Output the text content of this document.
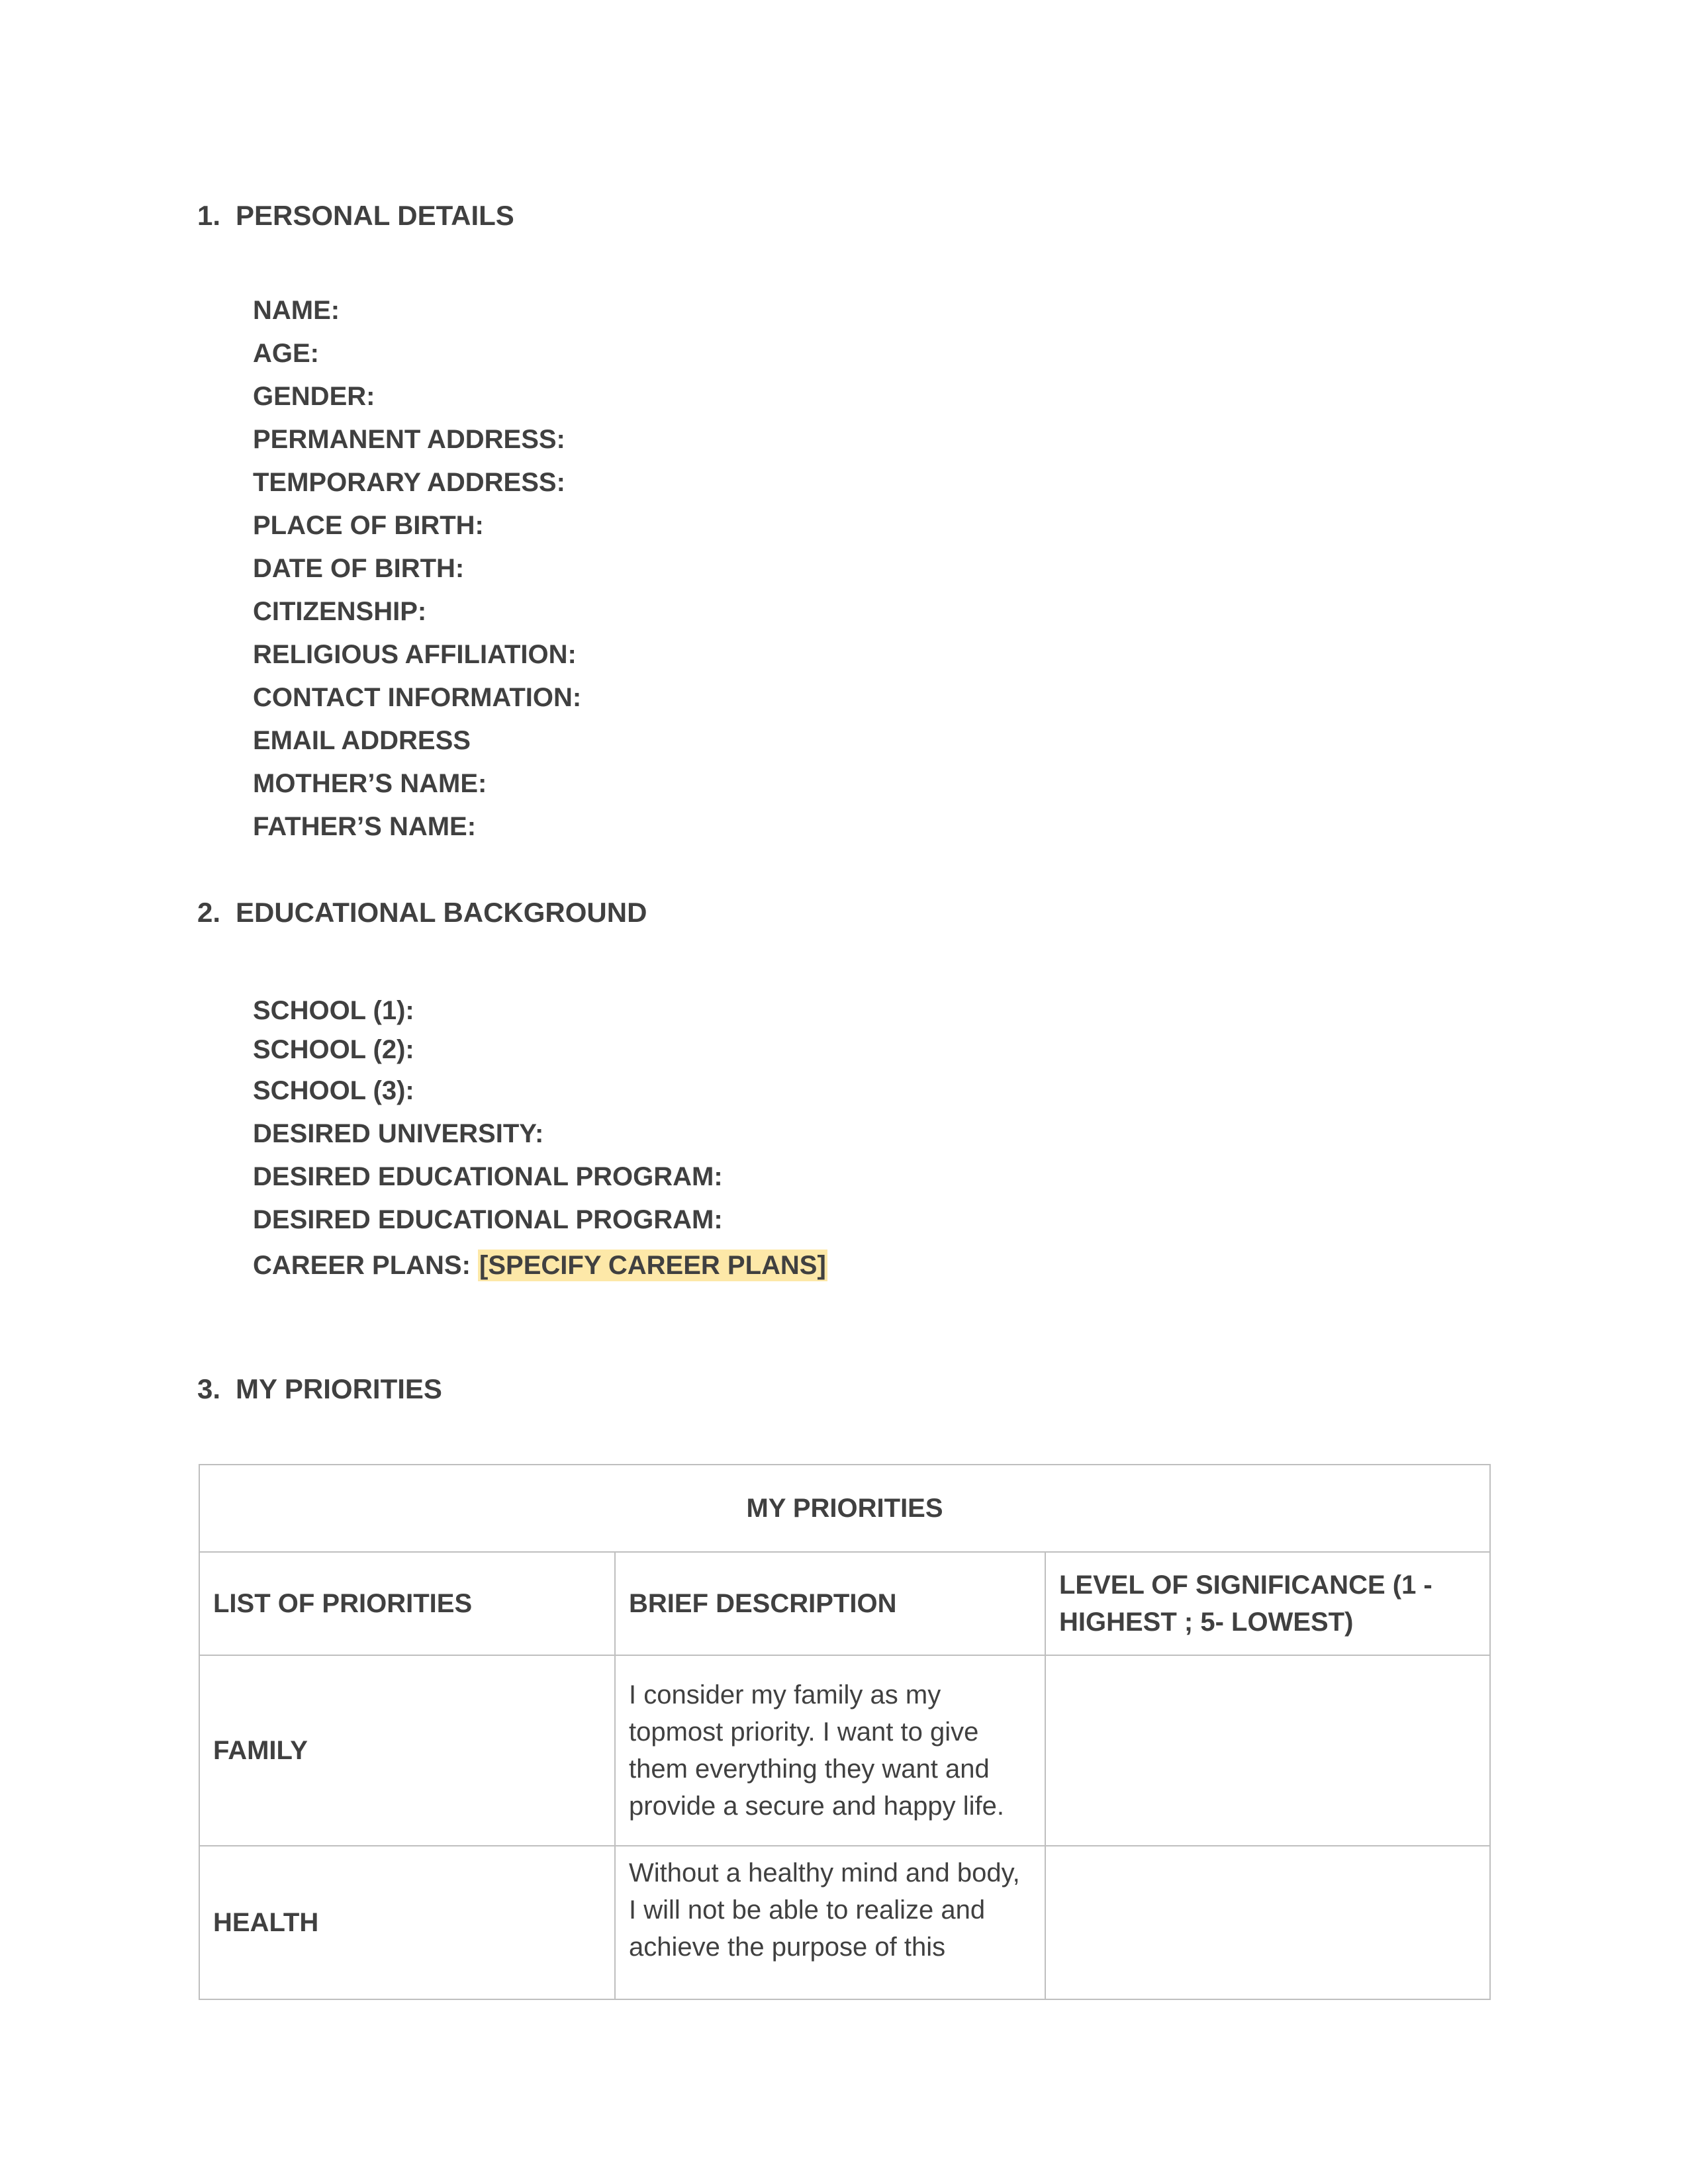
1. PERSONAL DETAILS
NAME:
AGE:
GENDER:
PERMANENT ADDRESS:
TEMPORARY ADDRESS:
PLACE OF BIRTH:
DATE OF BIRTH:
CITIZENSHIP:
RELIGIOUS AFFILIATION:
CONTACT INFORMATION:
EMAIL ADDRESS
MOTHER’S NAME:
FATHER’S NAME:
2. EDUCATIONAL BACKGROUND
SCHOOL (1):
SCHOOL (2):
SCHOOL (3):
DESIRED UNIVERSITY:
DESIRED EDUCATIONAL PROGRAM:
DESIRED EDUCATIONAL PROGRAM:
CAREER PLANS: [SPECIFY CAREER PLANS]
3. MY PRIORITIES
MY PRIORITIES		
LIST OF PRIORITIES	BRIEF DESCRIPTION	LEVEL OF SIGNIFICANCE (1 - HIGHEST ; 5- LOWEST)
FAMILY	I consider my family as my topmost priority. I want to give them everything they want and provide a secure and happy life.	
HEALTH	Without a healthy mind and body, I will not be able to realize and achieve the purpose of this	
